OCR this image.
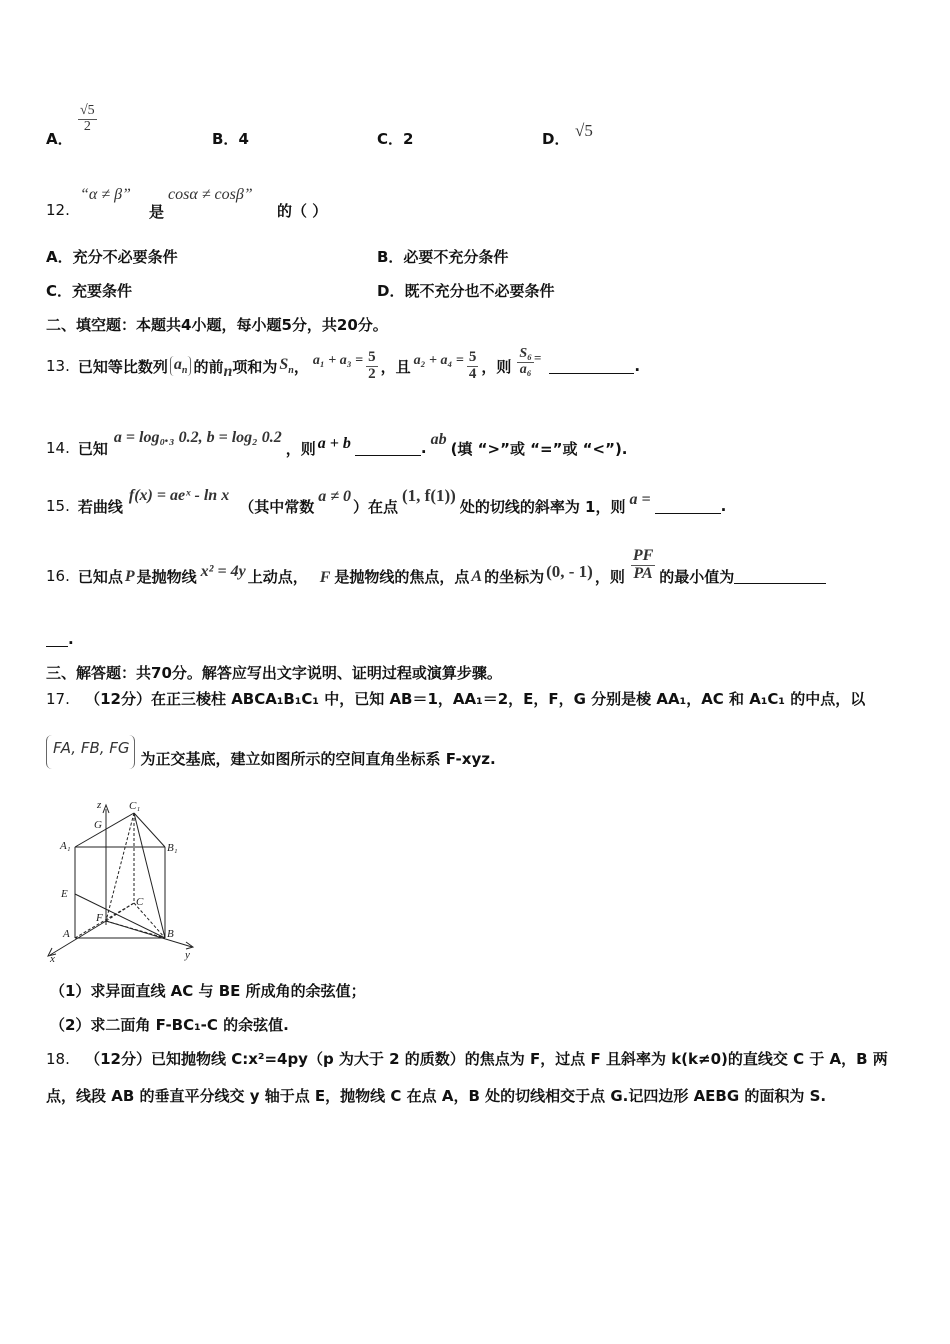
A．
$\frac{√5}{2}$
B．4	C．2	D． √5
12.
“α ≠ β”
是
cosα ≠ cosβ”
的（ ）
A．充分不必要条件	B．必要不充分条件
C．充要条件	D．既不充分也不必要条件
二、填空题：本题共4小题，每小题5分，共20分。
13. 已知等比数列 $a_n$ 的前 n 项和为 $S_n$ ， $a_1 + a_3 = \frac{5}{2}$ ，且 $a_2 + a_4 = \frac{5}{4}$ ，则 $\frac{\text{S₆}}{\text{a₆}}$ =	.
14. 已知
a = log₀.₃ 0.2, b = log₂ 0.2
，则 a + b	. ab (填 “>”或 “=”或 “<”).
15. 若曲线
f(x) = aeˣ - ln x
（其中常数
a ≠ 0
）在点
(1, f(1))
处的切线的斜率为 1，则 a =	.
16. 已知点 P 是抛物线 x² = 4y 上动点， F 是抛物线的焦点，点 A 的坐标为 (0, - 1) ，则 $\frac{PF}{PA}$ 的最小值为
.
三、解答题：共70分。解答应写出文字说明、证明过程或演算步骤。
17. （12分）在正三棱柱 ABCA₁B₁C₁ 中，已知 AB＝1，AA₁＝2，E，F，G 分别是棱 AA₁，AC 和 A₁C₁ 的中点，以
FA, FB, FG
为正交基底，建立如图所示的空间直角坐标系 F-xyz.
z	C₁
G
A₁	B₁
E
C
F
A	B
x	y
（1）求异面直线 AC 与 BE 所成角的余弦值；
（2）求二面角 F-BC₁-C 的余弦值.
18. （12分）已知抛物线 C:x²=4py（p 为大于 2 的质数）的焦点为 F，过点 F 且斜率为 k(k≠0)的直线交 C 于 A，B 两
点，线段 AB 的垂直平分线交 y 轴于点 E，抛物线 C 在点 A，B 处的切线相交于点 G.记四边形 AEBG 的面积为 S.
